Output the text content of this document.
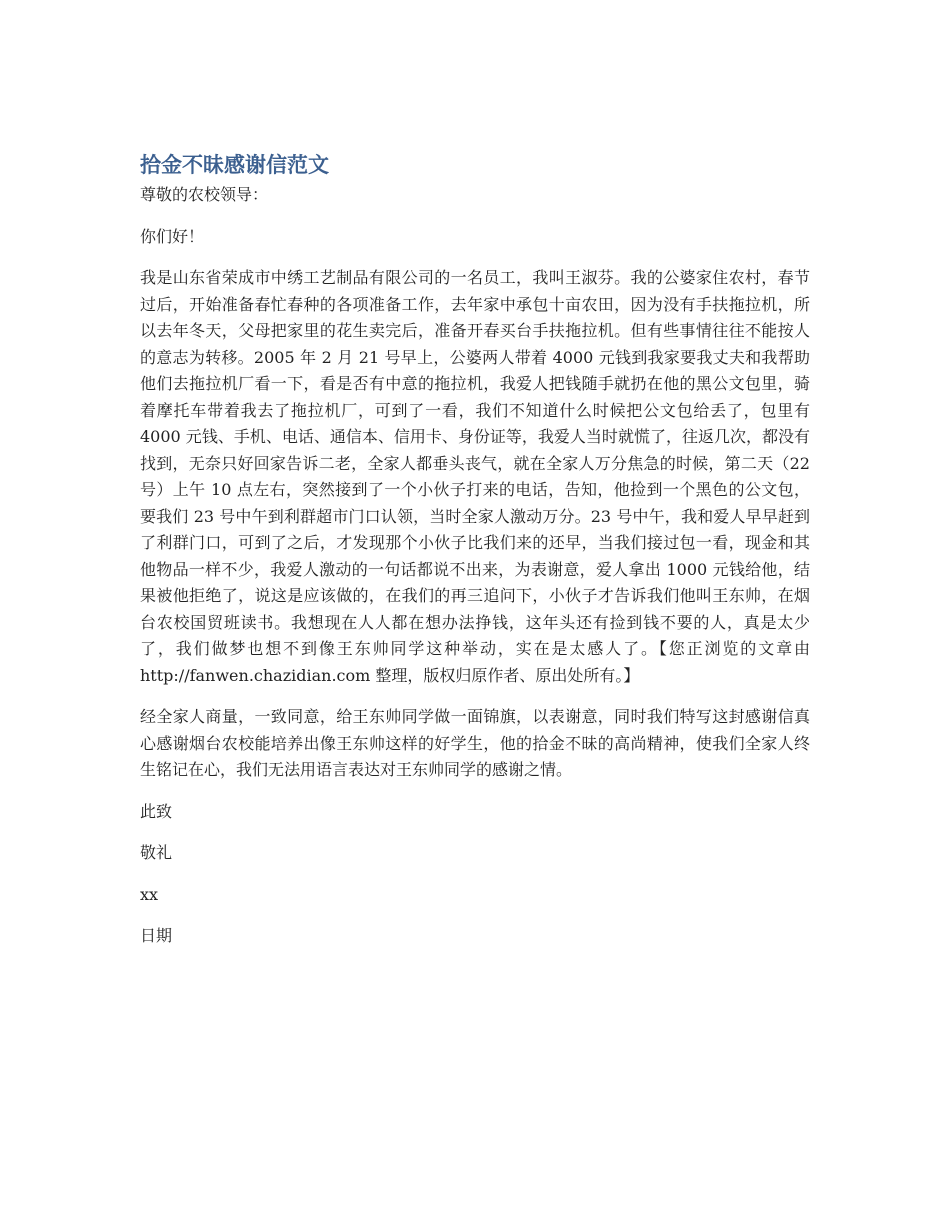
拾金不昧感谢信范文

尊敬的农校领导：

你们好！

我是山东省荣成市中绣工艺制品有限公司的一名员工，我叫王淑芬。我的公婆家住农村，春节过后，开始准备春忙春种的各项准备工作，去年家中承包十亩农田，因为没有手扶拖拉机，所以去年冬天，父母把家里的花生卖完后，准备开春买台手扶拖拉机。但有些事情往往不能按人的意志为转移。2005 年 2 月 21 号早上，公婆两人带着 4000 元钱到我家要我丈夫和我帮助他们去拖拉机厂看一下，看是否有中意的拖拉机，我爱人把钱随手就扔在他的黑公文包里，骑着摩托车带着我去了拖拉机厂，可到了一看，我们不知道什么时候把公文包给丢了，包里有 4000 元钱、手机、电话、通信本、信用卡、身份证等，我爱人当时就慌了，往返几次，都没有找到，无奈只好回家告诉二老，全家人都垂头丧气，就在全家人万分焦急的时候，第二天（22 号）上午 10 点左右，突然接到了一个小伙子打来的电话，告知，他捡到一个黑色的公文包，要我们 23 号中午到利群超市门口认领，当时全家人激动万分。23 号中午，我和爱人早早赶到了利群门口，可到了之后，才发现那个小伙子比我们来的还早，当我们接过包一看，现金和其他物品一样不少，我爱人激动的一句话都说不出来，为表谢意，爱人拿出 1000 元钱给他，结果被他拒绝了，说这是应该做的，在我们的再三追问下，小伙子才告诉我们他叫王东帅，在烟台农校国贸班读书。我想现在人人都在想办法挣钱，这年头还有捡到钱不要的人，真是太少了，我们做梦也想不到像王东帅同学这种举动，实在是太感人了。【您正浏览的文章由 http://fanwen.chazidian.com 整理，版权归原作者、原出处所有。】

经全家人商量，一致同意，给王东帅同学做一面锦旗，以表谢意，同时我们特写这封感谢信真心感谢烟台农校能培养出像王东帅这样的好学生，他的拾金不昧的高尚精神，使我们全家人终生铭记在心，我们无法用语言表达对王东帅同学的感谢之情。

此致

敬礼

xx

日期
